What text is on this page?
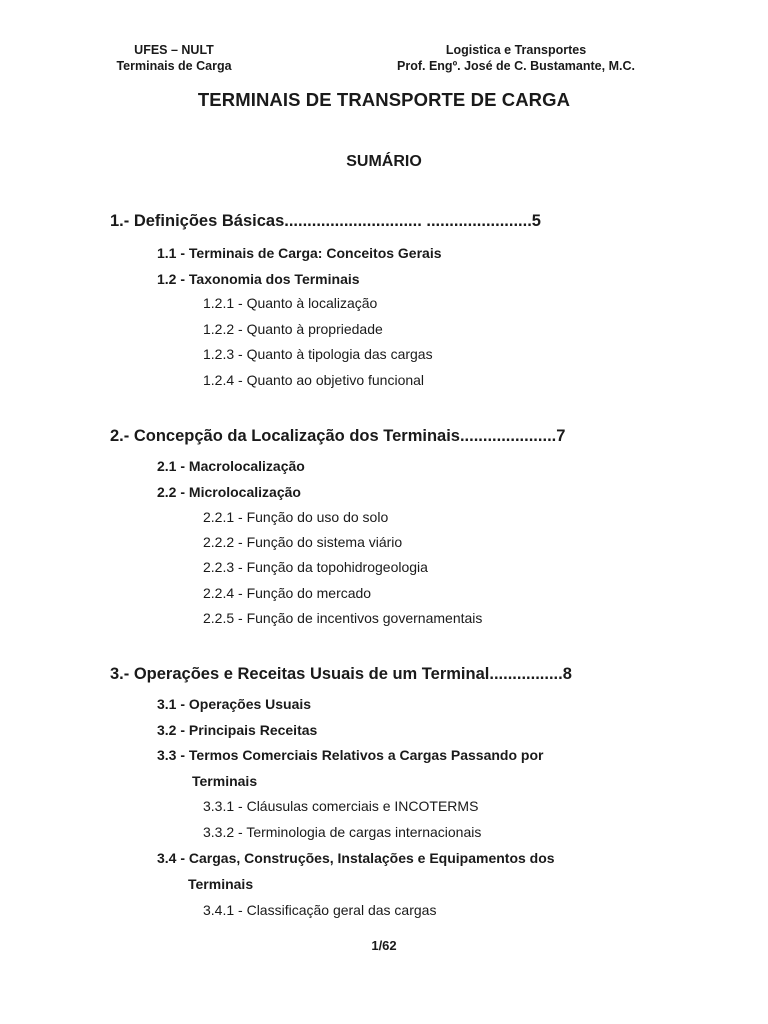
UFES – NULT
Terminais de Carga
Logistica e Transportes
Prof. Engº. José de C. Bustamante, M.C.
TERMINAIS DE TRANSPORTE DE CARGA
SUMÁRIO
1.- Definições Básicas.............................. .......................5
1.1 - Terminais de Carga: Conceitos Gerais
1.2 - Taxonomia dos Terminais
1.2.1 - Quanto à localização
1.2.2 - Quanto à propriedade
1.2.3 - Quanto à tipologia das cargas
1.2.4 - Quanto ao objetivo funcional
2.- Concepção da Localização dos Terminais.....................7
2.1 - Macrolocalização
2.2 - Microlocalização
2.2.1 - Função do uso do solo
2.2.2 - Função do sistema viário
2.2.3 - Função da topohidrogeologia
2.2.4 - Função do mercado
2.2.5 - Função de incentivos governamentais
3.- Operações e Receitas Usuais de um Terminal................8
3.1 - Operações Usuais
3.2 - Principais Receitas
3.3 - Termos Comerciais Relativos a Cargas Passando por
Terminais
3.3.1 - Cláusulas comerciais e INCOTERMS
3.3.2 - Terminologia de cargas internacionais
3.4 - Cargas, Construções, Instalações e Equipamentos dos
Terminais
3.4.1 - Classificação geral das cargas
1/62
